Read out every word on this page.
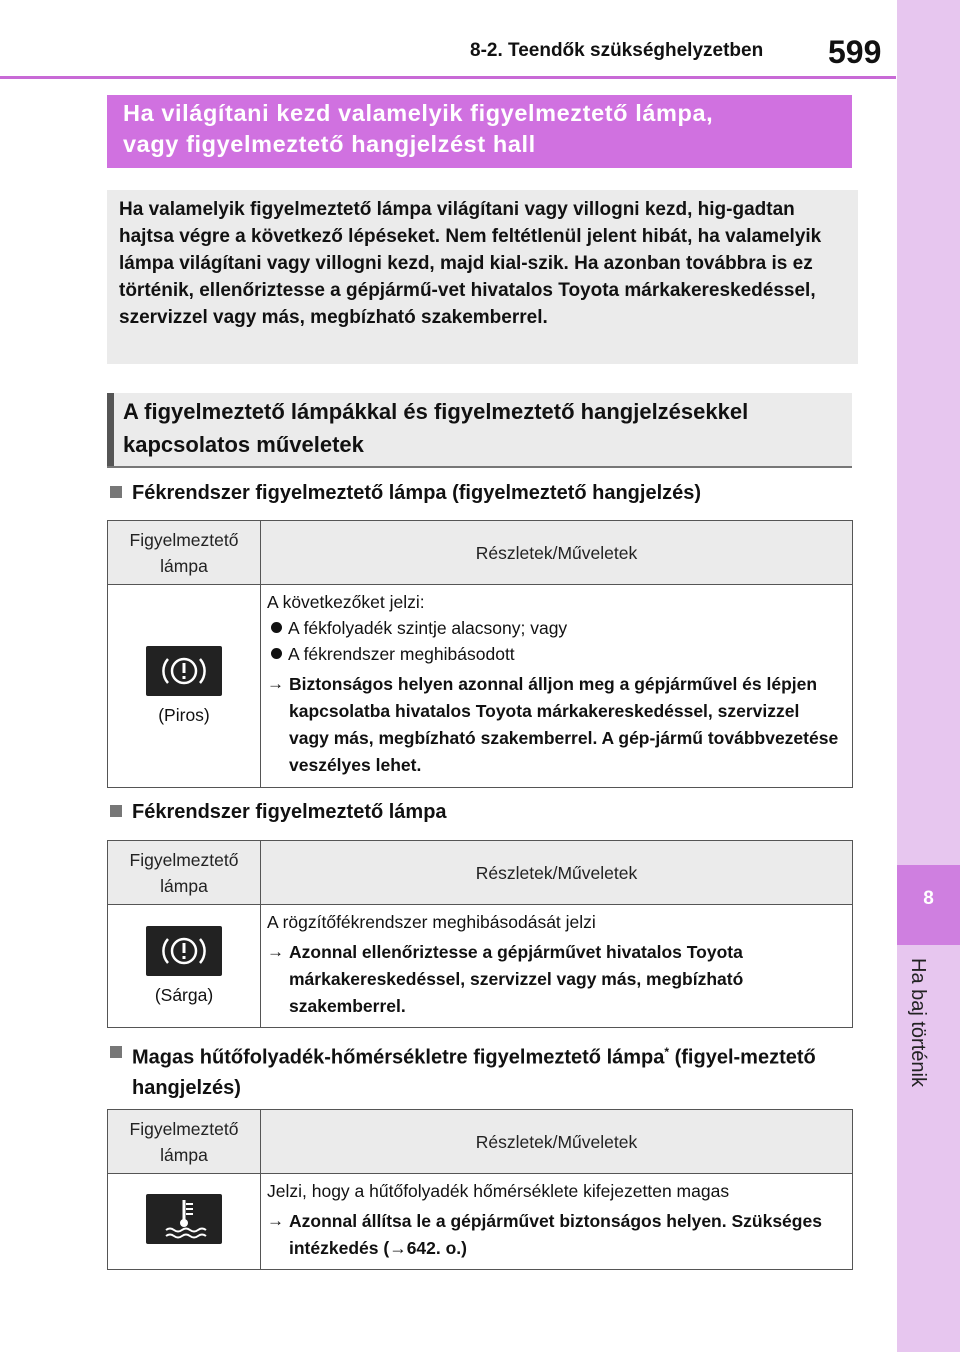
8-2. Teendők szükséghelyzetben 599
8
Ha baj történik
Ha világítani kezd valamelyik figyelmeztető lámpa,
vagy figyelmeztető hangjelzést hall
Ha valamelyik figyelmeztető lámpa világítani vagy villogni kezd, hig-gadtan hajtsa végre a következő lépéseket. Nem feltétlenül jelent hibát, ha valamelyik lámpa világítani vagy villogni kezd, majd kial-szik. Ha azonban továbbra is ez történik, ellenőriztesse a gépjármű-vet hivatalos Toyota márkakereskedéssel, szervizzel vagy más, megbízható szakemberrel.
A figyelmeztető lámpákkal és figyelmeztető hangjelzésekkel
kapcsolatos műveletek
Fékrendszer figyelmeztető lámpa (figyelmeztető hangjelzés)
Figyelmeztető
lámpa	Részletek/Műveletek

(Piros)	A következőket jelzi:

A fékfolyadék szintje alacsony; vagy

A fékrendszer meghibásodott

→ Biztonságos helyen azonnal álljon meg a gépjárművel és lépjen kapcsolatba hivatalos Toyota márkakereskedéssel, szervizzel vagy más, megbízható szakemberrel. A gép-jármű továbbvezetése veszélyes lehet.
Fékrendszer figyelmeztető lámpa
Figyelmeztető
lámpa	Részletek/Műveletek

(Sárga)	A rögzítőfékrendszer meghibásodását jelzi

→ Azonnal ellenőriztesse a gépjárművet hivatalos Toyota márkakereskedéssel, szervizzel vagy más, megbízható szakemberrel.
Magas hűtőfolyadék-hőmérsékletre figyelmeztető lámpa* (figyel-meztető hangjelzés)
Figyelmeztető
lámpa	Részletek/Műveletek

Jelzi, hogy a hűtőfolyadék hőmérséklete kifejezetten magas

→ Azonnal állítsa le a gépjárművet biztonságos helyen. Szükséges intézkedés (→642. o.)
